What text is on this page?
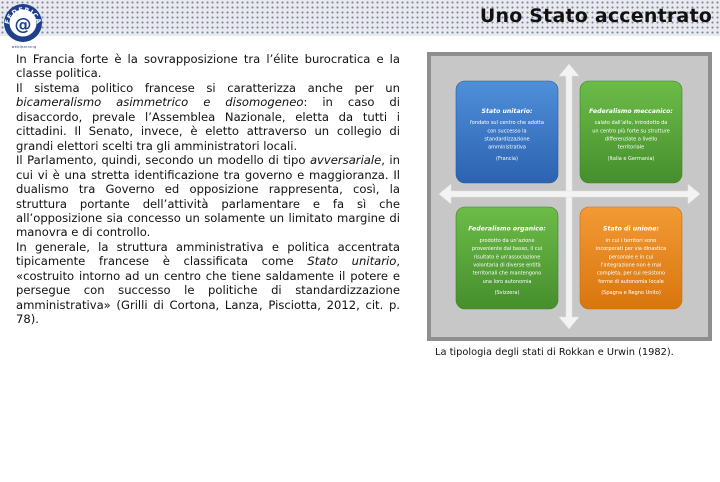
FEDERICA
@
weblearning
Uno Stato accentrato

In Francia forte è la sovrapposizione tra l’élite burocratica e la classe politica.

Il sistema politico francese si caratterizza anche per un bicameralismo asimmetrico e disomogeneo: in caso di disaccordo, prevale l’Assemblea Nazionale, eletta da tutti i cittadini. Il Senato, invece, è eletto attraverso un collegio di grandi elettori scelti tra gli amministratori locali.

Il Parlamento, quindi, secondo un modello di tipo avversariale, in cui vi è una stretta identificazione tra governo e maggioranza. Il dualismo tra Governo ed opposizione rappresenta, così, la struttura portante dell’attività parlamentare e fa sì che all’opposizione sia concesso un solamente un limitato margine di manovra e di controllo.

In generale, la struttura amministrativa e politica accentrata tipicamente francese è classificata come Stato unitario, «costruito intorno ad un centro che tiene saldamente il potere e persegue con successo le politiche di standardizzazione amministrativa» (Grilli di Cortona, Lanza, Pisciotta, 2012, cit. p. 78).

Stato unitario:
fondato sul centro che adotta
con successo la
standardizzazione
amministrativa
(Francia)
Federalismo meccanico:
calato dall’alto, introdotto da
un centro più forte su strutture
differenziate a livello
territoriale
(Italia e Germania)
Federalismo organico:
prodotto da un’azione
proveniente dal basso, il cui
risultato è un’associazione
volontaria di diverse entità
territoriali che mantengono
una loro autonomia
(Svizzera)
Stato di unione:
in cui i territori sono
incorporati per via dinastica
personale e in cui
l’integrazione non è mai
completa, per cui resistono
forme di autonomia locale
(Spagna e Regno Unito)
La tipologia degli stati di Rokkan e Urwin (1982).
